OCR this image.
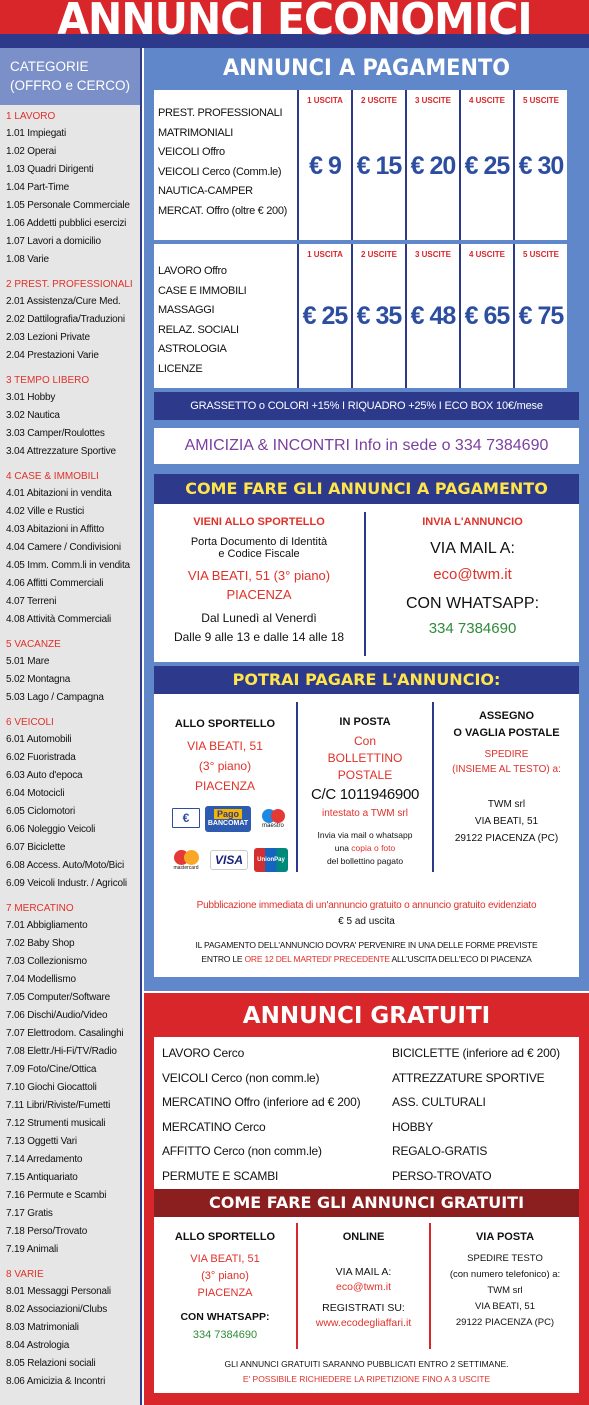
ANNUNCI ECONOMICI
CATEGORIE
(OFFRO e CERCO)
1 LAVORO
1.01 Impiegati
1.02 Operai
1.03 Quadri Dirigenti
1.04 Part-Time
1.05 Personale Commerciale
1.06 Addetti pubblici esercizi
1.07 Lavori a domicilio
1.08 Varie
2 PREST. PROFESSIONALI
2.01 Assistenza/Cure Med.
2.02 Dattilografia/Traduzioni
2.03 Lezioni Private
2.04 Prestazioni Varie
3 TEMPO LIBERO
3.01 Hobby
3.02 Nautica
3.03 Camper/Roulottes
3.04 Attrezzature Sportive
4 CASE & IMMOBILI
4.01 Abitazioni in vendita
4.02 Ville e Rustici
4.03 Abitazioni in Affitto
4.04 Camere / Condivisioni
4.05 Imm. Comm.li in vendita
4.06 Affitti Commerciali
4.07 Terreni
4.08 Attività Commerciali
5 VACANZE
5.01 Mare
5.02 Montagna
5.03 Lago / Campagna
6 VEICOLI
6.01 Automobili
6.02 Fuoristrada
6.03 Auto d'epoca
6.04 Motocicli
6.05 Ciclomotori
6.06 Noleggio Veicoli
6.07 Biciclette
6.08 Access. Auto/Moto/Bici
6.09 Veicoli Industr. / Agricoli
7 MERCATINO
7.01 Abbigliamento
7.02 Baby Shop
7.03 Collezionismo
7.04 Modellismo
7.05 Computer/Software
7.06 Dischi/Audio/Video
7.07 Elettrodom. Casalinghi
7.08 Elettr./Hi-Fi/TV/Radio
7.09 Foto/Cine/Ottica
7.10 Giochi Giocattoli
7.11 Libri/Riviste/Fumetti
7.12 Strumenti musicali
7.13 Oggetti Vari
7.14 Arredamento
7.15 Antiquariato
7.16 Permute e Scambi
7.17 Gratis
7.18 Perso/Trovato
7.19 Animali
8 VARIE
8.01 Messaggi Personali
8.02 Associazioni/Clubs
8.03 Matrimoniali
8.04 Astrologia
8.05 Relazioni sociali
8.06 Amicizia & Incontri
ANNUNCI A PAGAMENTO
PREST. PROFESSIONALI
MATRIMONIALI
VEICOLI Offro
VEICOLI Cerco (Comm.le)
NAUTICA-CAMPER
MERCAT. Offro (oltre € 200)
1 USCITA
€ 9
2 USCITE
€ 15
3 USCITE
€ 20
4 USCITE
€ 25
5 USCITE
€ 30
LAVORO Offro
CASE E IMMOBILI
MASSAGGI
RELAZ. SOCIALI
ASTROLOGIA
LICENZE
1 USCITA
€ 25
2 USCITE
€ 35
3 USCITE
€ 48
4 USCITE
€ 65
5 USCITE
€ 75
GRASSETTO o COLORI +15% I RIQUADRO +25% I ECO BOX 10€/mese
AMICIZIA & INCONTRI Info in sede o 334 7384690
COME FARE GLI ANNUNCI A PAGAMENTO
VIENI ALLO SPORTELLO
Porta Documento di Identità
e Codice Fiscale
VIA BEATI, 51 (3° piano)
PIACENZA
Dal Lunedì al Venerdì
Dalle 9 alle 13 e dalle 14 alle 18
INVIA L'ANNUNCIO
VIA MAIL A:
eco@twm.it
CON WHATSAPP:
334 7384690
POTRAI PAGARE L'ANNUNCIO:
ALLO SPORTELLO
VIA BEATI, 51
(3° piano)
PIACENZA
€	Pago
BANCOMAT maestro
mastercard
VISA	UnionPay
IN POSTA
Con
BOLLETTINO
POSTALE
C/C 1011946900
intestato a TWM srl
Invia via mail o whatsapp
una copia o foto
del bollettino pagato
ASSEGNO
O VAGLIA POSTALE
SPEDIRE
(INSIEME AL TESTO) a:
TWM srl
VIA BEATI, 51
29122 PIACENZA (PC)
Pubblicazione immediata di un'annuncio gratuito o annuncio gratuito evidenziato
€ 5 ad uscita
IL PAGAMENTO DELL'ANNUNCIO DOVRA' PERVENIRE IN UNA DELLE FORME PREVISTE
ENTRO LE ORE 12 DEL MARTEDI' PRECEDENTE ALL'USCITA DELL'ECO DI PIACENZA
ANNUNCI GRATUITI
LAVORO Cerco
VEICOLI Cerco (non comm.le)
MERCATINO Offro (inferiore ad € 200)
MERCATINO Cerco
AFFITTO Cerco (non comm.le)
PERMUTE E SCAMBI
BICICLETTE (inferiore ad € 200)
ATTREZZATURE SPORTIVE
ASS. CULTURALI
HOBBY
REGALO-GRATIS
PERSO-TROVATO
COME FARE GLI ANNUNCI GRATUITI
ALLO SPORTELLO
VIA BEATI, 51
(3° piano)
PIACENZA
CON WHATSAPP:
334 7384690
ONLINE
VIA MAIL A:
eco@twm.it
REGISTRATI SU:
www.ecodegliaffari.it
VIA POSTA
SPEDIRE TESTO
(con numero telefonico) a:
TWM srl
VIA BEATI, 51
29122 PIACENZA (PC)
GLI ANNUNCI GRATUITI SARANNO PUBBLICATI ENTRO 2 SETTIMANE.
E' POSSIBILE RICHIEDERE LA RIPETIZIONE FINO A 3 USCITE
